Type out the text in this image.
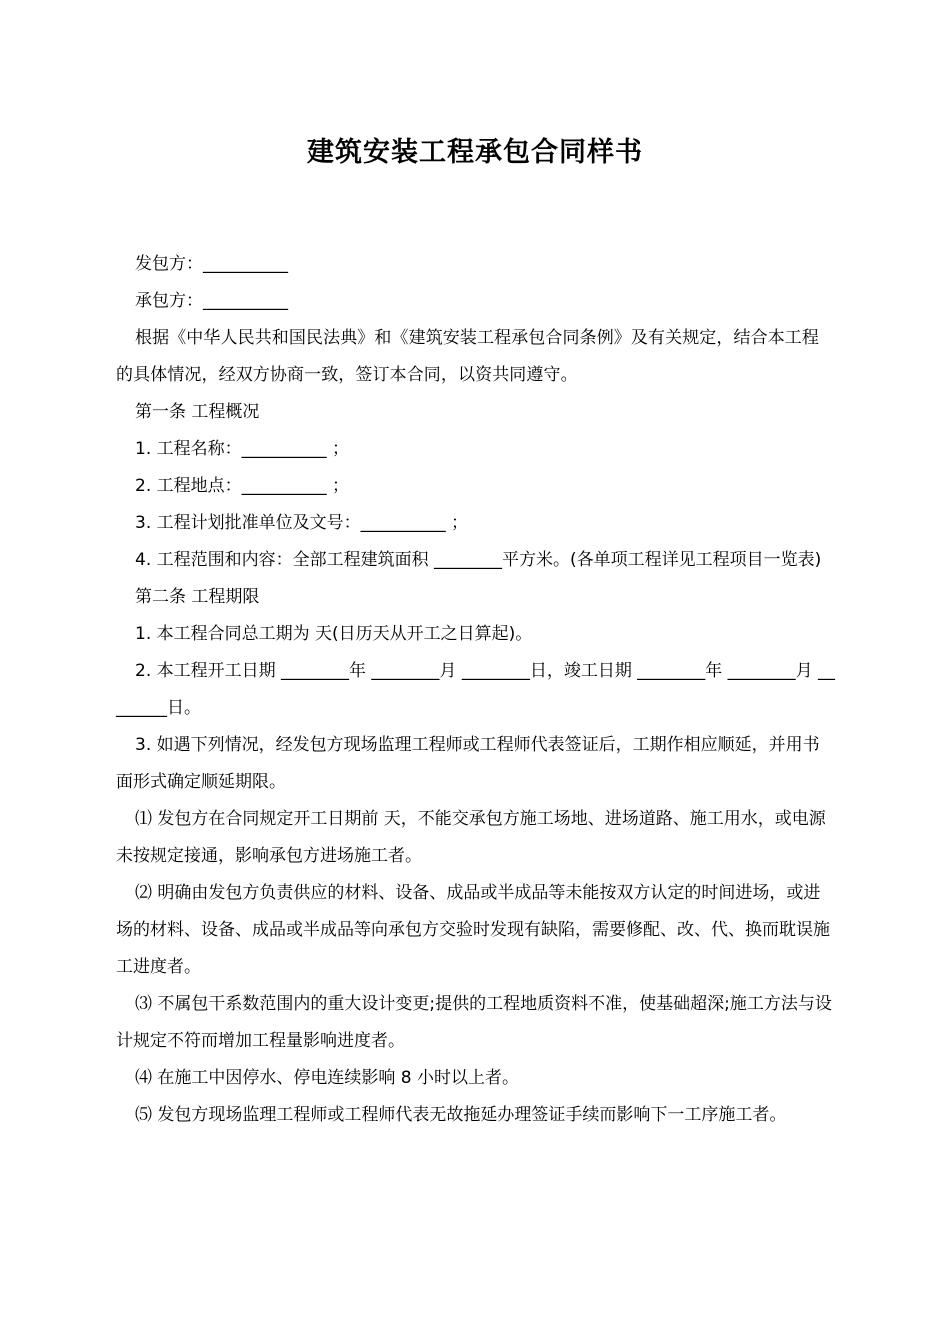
建筑安装工程承包合同样书

发包方：__________

承包方：__________

根据《中华人民共和国民法典》和《建筑安装工程承包合同条例》及有关规定，结合本工程的具体情况，经双方协商一致，签订本合同，以资共同遵守。

第一条 工程概况

1. 工程名称：__________ ；

2. 工程地点：__________ ；

3. 工程计划批准单位及文号：__________ ；

4. 工程范围和内容：全部工程建筑面积 ________平方米。(各单项工程详见工程项目一览表)

第二条 工程期限

1. 本工程合同总工期为 天(日历天从开工之日算起)。

2. 本工程开工日期 ________年 ________月 ________日，竣工日期 ________年 ________月 ________日。

3. 如遇下列情况，经发包方现场监理工程师或工程师代表签证后，工期作相应顺延，并用书面形式确定顺延期限。

⑴ 发包方在合同规定开工日期前 天，不能交承包方施工场地、进场道路、施工用水，或电源未按规定接通，影响承包方进场施工者。

⑵ 明确由发包方负责供应的材料、设备、成品或半成品等未能按双方认定的时间进场，或进场的材料、设备、成品或半成品等向承包方交验时发现有缺陷，需要修配、改、代、换而耽误施工进度者。

⑶ 不属包干系数范围内的重大设计变更;提供的工程地质资料不准，使基础超深;施工方法与设计规定不符而增加工程量影响进度者。

⑷ 在施工中因停水、停电连续影响 8 小时以上者。

⑸ 发包方现场监理工程师或工程师代表无故拖延办理签证手续而影响下一工序施工者。
